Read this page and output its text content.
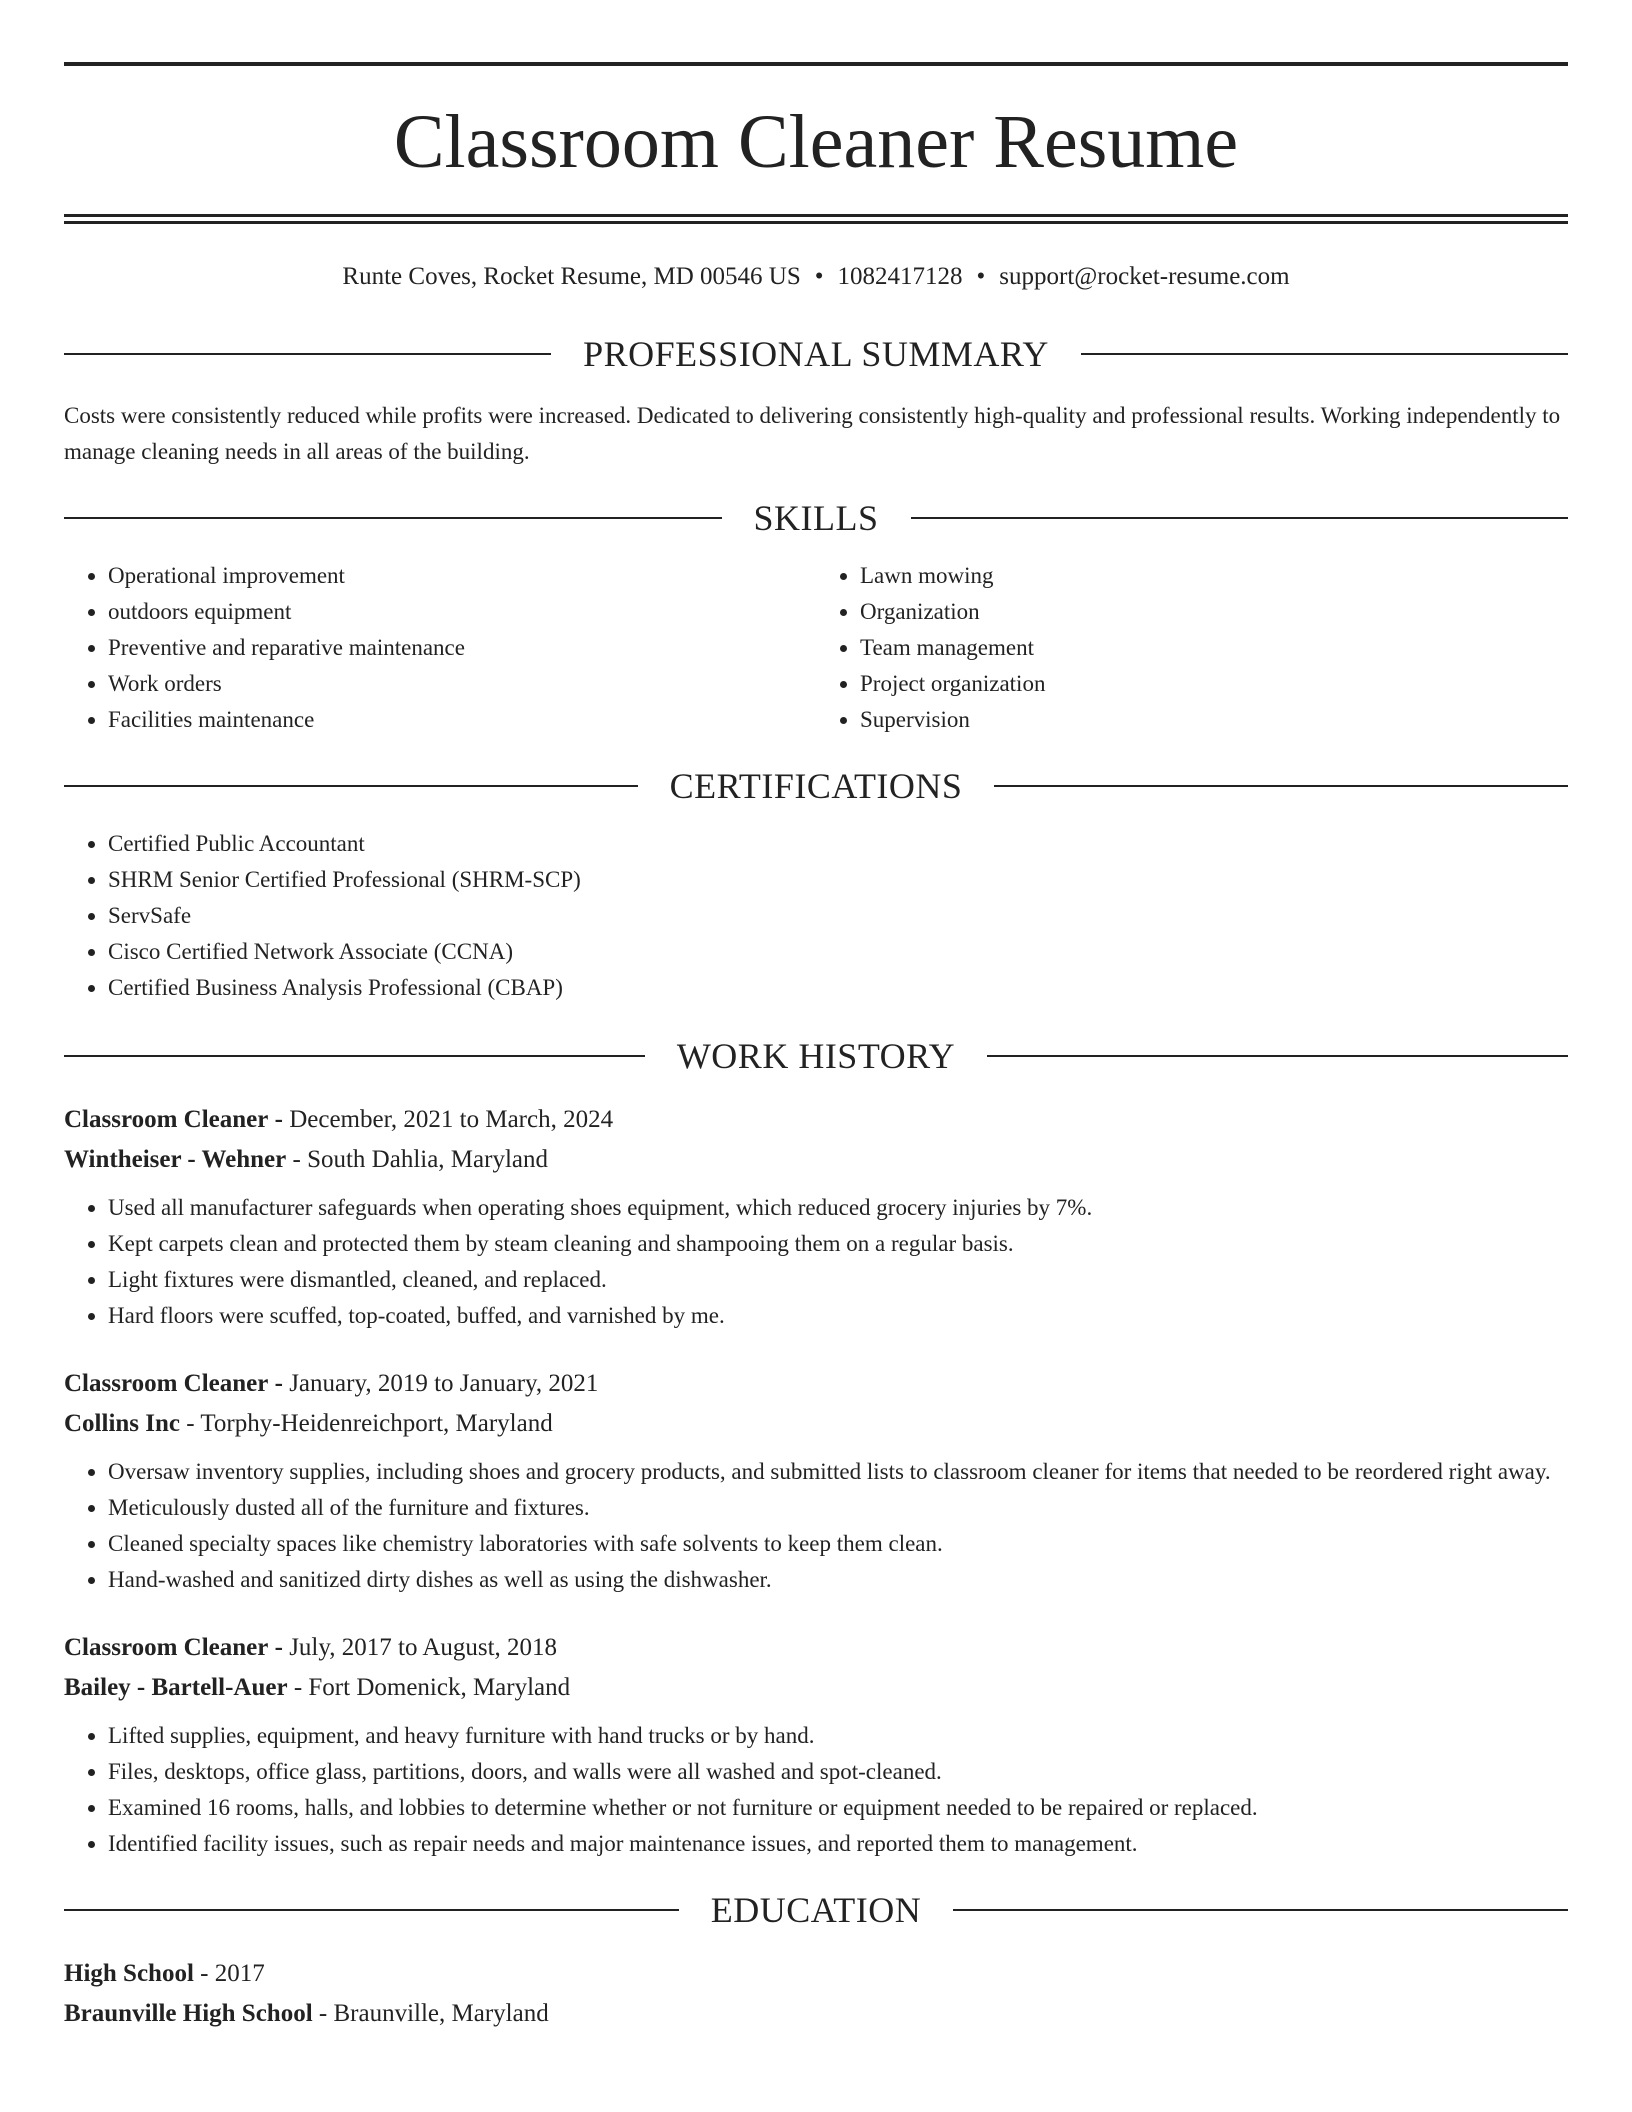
Classroom Cleaner Resume
Runte Coves, Rocket Resume, MD 00546 US • 1082417128 • support@rocket-resume.com
PROFESSIONAL SUMMARY

Costs were consistently reduced while profits were increased. Dedicated to delivering consistently high-quality and professional results. Working independently to manage cleaning needs in all areas of the building.

SKILLS
• Operational improvement
• outdoors equipment
• Preventive and reparative maintenance
• Work orders
• Facilities maintenance
• Lawn mowing
• Organization
• Team management
• Project organization
• Supervision
CERTIFICATIONS
• Certified Public Accountant
• SHRM Senior Certified Professional (SHRM-SCP)
• ServSafe
• Cisco Certified Network Associate (CCNA)
• Certified Business Analysis Professional (CBAP)
WORK HISTORY
Classroom Cleaner - December, 2021 to March, 2024
Wintheiser - Wehner - South Dahlia, Maryland
• Used all manufacturer safeguards when operating shoes equipment, which reduced grocery injuries by 7%.
• Kept carpets clean and protected them by steam cleaning and shampooing them on a regular basis.
• Light fixtures were dismantled, cleaned, and replaced.
• Hard floors were scuffed, top-coated, buffed, and varnished by me.
Classroom Cleaner - January, 2019 to January, 2021
Collins Inc - Torphy-Heidenreichport, Maryland
• Oversaw inventory supplies, including shoes and grocery products, and submitted lists to classroom cleaner for items that needed to be reordered right away.
• Meticulously dusted all of the furniture and fixtures.
• Cleaned specialty spaces like chemistry laboratories with safe solvents to keep them clean.
• Hand-washed and sanitized dirty dishes as well as using the dishwasher.
Classroom Cleaner - July, 2017 to August, 2018
Bailey - Bartell-Auer - Fort Domenick, Maryland
• Lifted supplies, equipment, and heavy furniture with hand trucks or by hand.
• Files, desktops, office glass, partitions, doors, and walls were all washed and spot-cleaned.
• Examined 16 rooms, halls, and lobbies to determine whether or not furniture or equipment needed to be repaired or replaced.
• Identified facility issues, such as repair needs and major maintenance issues, and reported them to management.
EDUCATION
High School - 2017
Braunville High School - Braunville, Maryland
